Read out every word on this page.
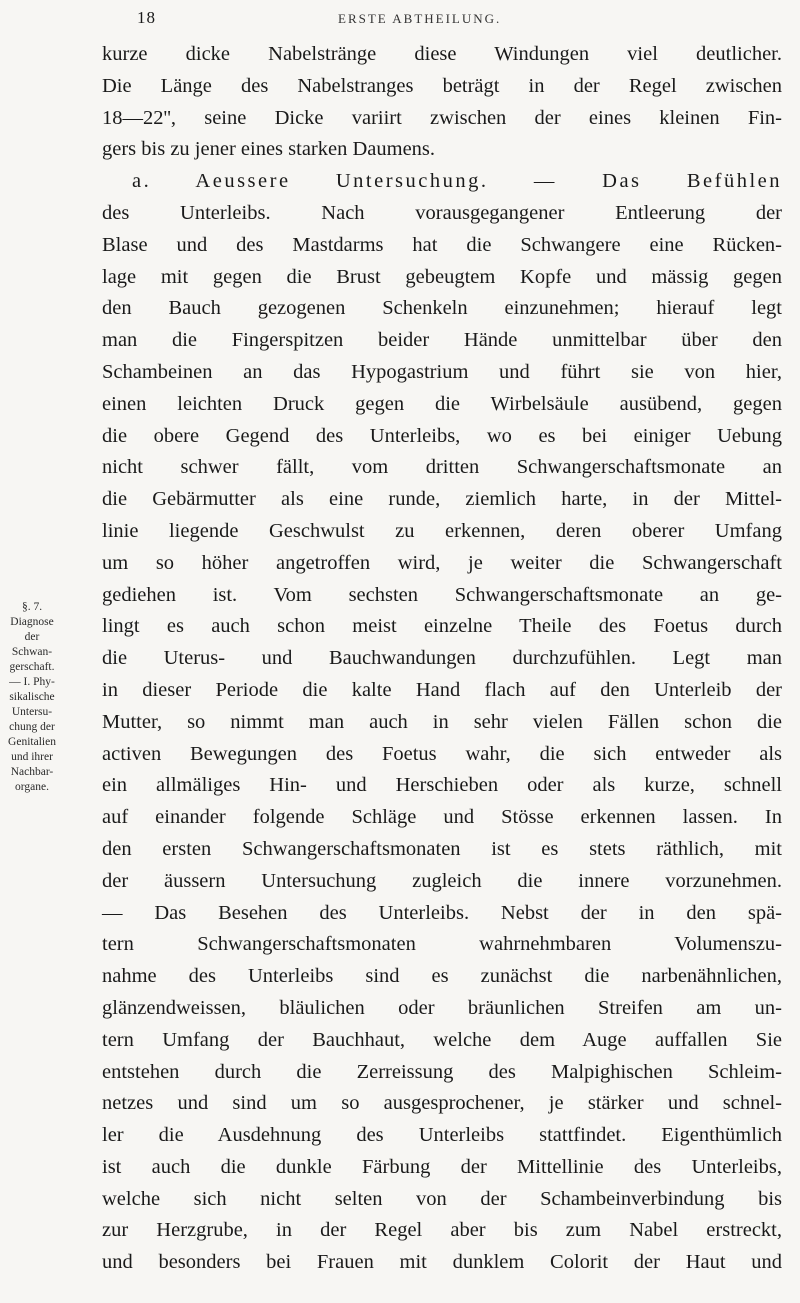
18	ERSTE ABTHEILUNG.
§. 7.
Diagnose
der
Schwan-
gerschaft.
— I. Phy-
sikalische
Untersu-
chung der
Genitalien
und ihrer
Nachbar-
organe.
kurze dicke Nabelstränge diese Windungen viel deutlicher.
Die Länge des Nabelstranges beträgt in der Regel zwischen
18—22'', seine Dicke variirt zwischen der eines kleinen Fin-
gers bis zu jener eines starken Daumens.
a. Aeussere Untersuchung. — Das Befühlen
des Unterleibs. Nach vorausgegangener Entleerung der
Blase und des Mastdarms hat die Schwangere eine Rücken-
lage mit gegen die Brust gebeugtem Kopfe und mässig gegen
den Bauch gezogenen Schenkeln einzunehmen; hierauf legt
man die Fingerspitzen beider Hände unmittelbar über den
Schambeinen an das Hypogastrium und führt sie von hier,
einen leichten Druck gegen die Wirbelsäule ausübend, gegen
die obere Gegend des Unterleibs, wo es bei einiger Uebung
nicht schwer fällt, vom dritten Schwangerschaftsmonate an
die Gebärmutter als eine runde, ziemlich harte, in der Mittel-
linie liegende Geschwulst zu erkennen, deren oberer Umfang
um so höher angetroffen wird, je weiter die Schwangerschaft
gediehen ist. Vom sechsten Schwangerschaftsmonate an ge-
lingt es auch schon meist einzelne Theile des Foetus durch
die Uterus- und Bauchwandungen durchzufühlen. Legt man
in dieser Periode die kalte Hand flach auf den Unterleib der
Mutter, so nimmt man auch in sehr vielen Fällen schon die
activen Bewegungen des Foetus wahr, die sich entweder als
ein allmäliges Hin- und Herschieben oder als kurze, schnell
auf einander folgende Schläge und Stösse erkennen lassen. In
den ersten Schwangerschaftsmonaten ist es stets räthlich, mit
der äussern Untersuchung zugleich die innere vorzunehmen.
— Das Besehen des Unterleibs. Nebst der in den spä-
tern Schwangerschaftsmonaten wahrnehmbaren Volumenszu-
nahme des Unterleibs sind es zunächst die narbenähnlichen,
glänzendweissen, bläulichen oder bräunlichen Streifen am un-
tern Umfang der Bauchhaut, welche dem Auge auffallen Sie
entstehen durch die Zerreissung des Malpighischen Schleim-
netzes und sind um so ausgesprochener, je stärker und schnel-
ler die Ausdehnung des Unterleibs stattfindet. Eigenthümlich
ist auch die dunkle Färbung der Mittellinie des Unterleibs,
welche sich nicht selten von der Schambeinverbindung bis
zur Herzgrube, in der Regel aber bis zum Nabel erstreckt,
und besonders bei Frauen mit dunklem Colorit der Haut und
